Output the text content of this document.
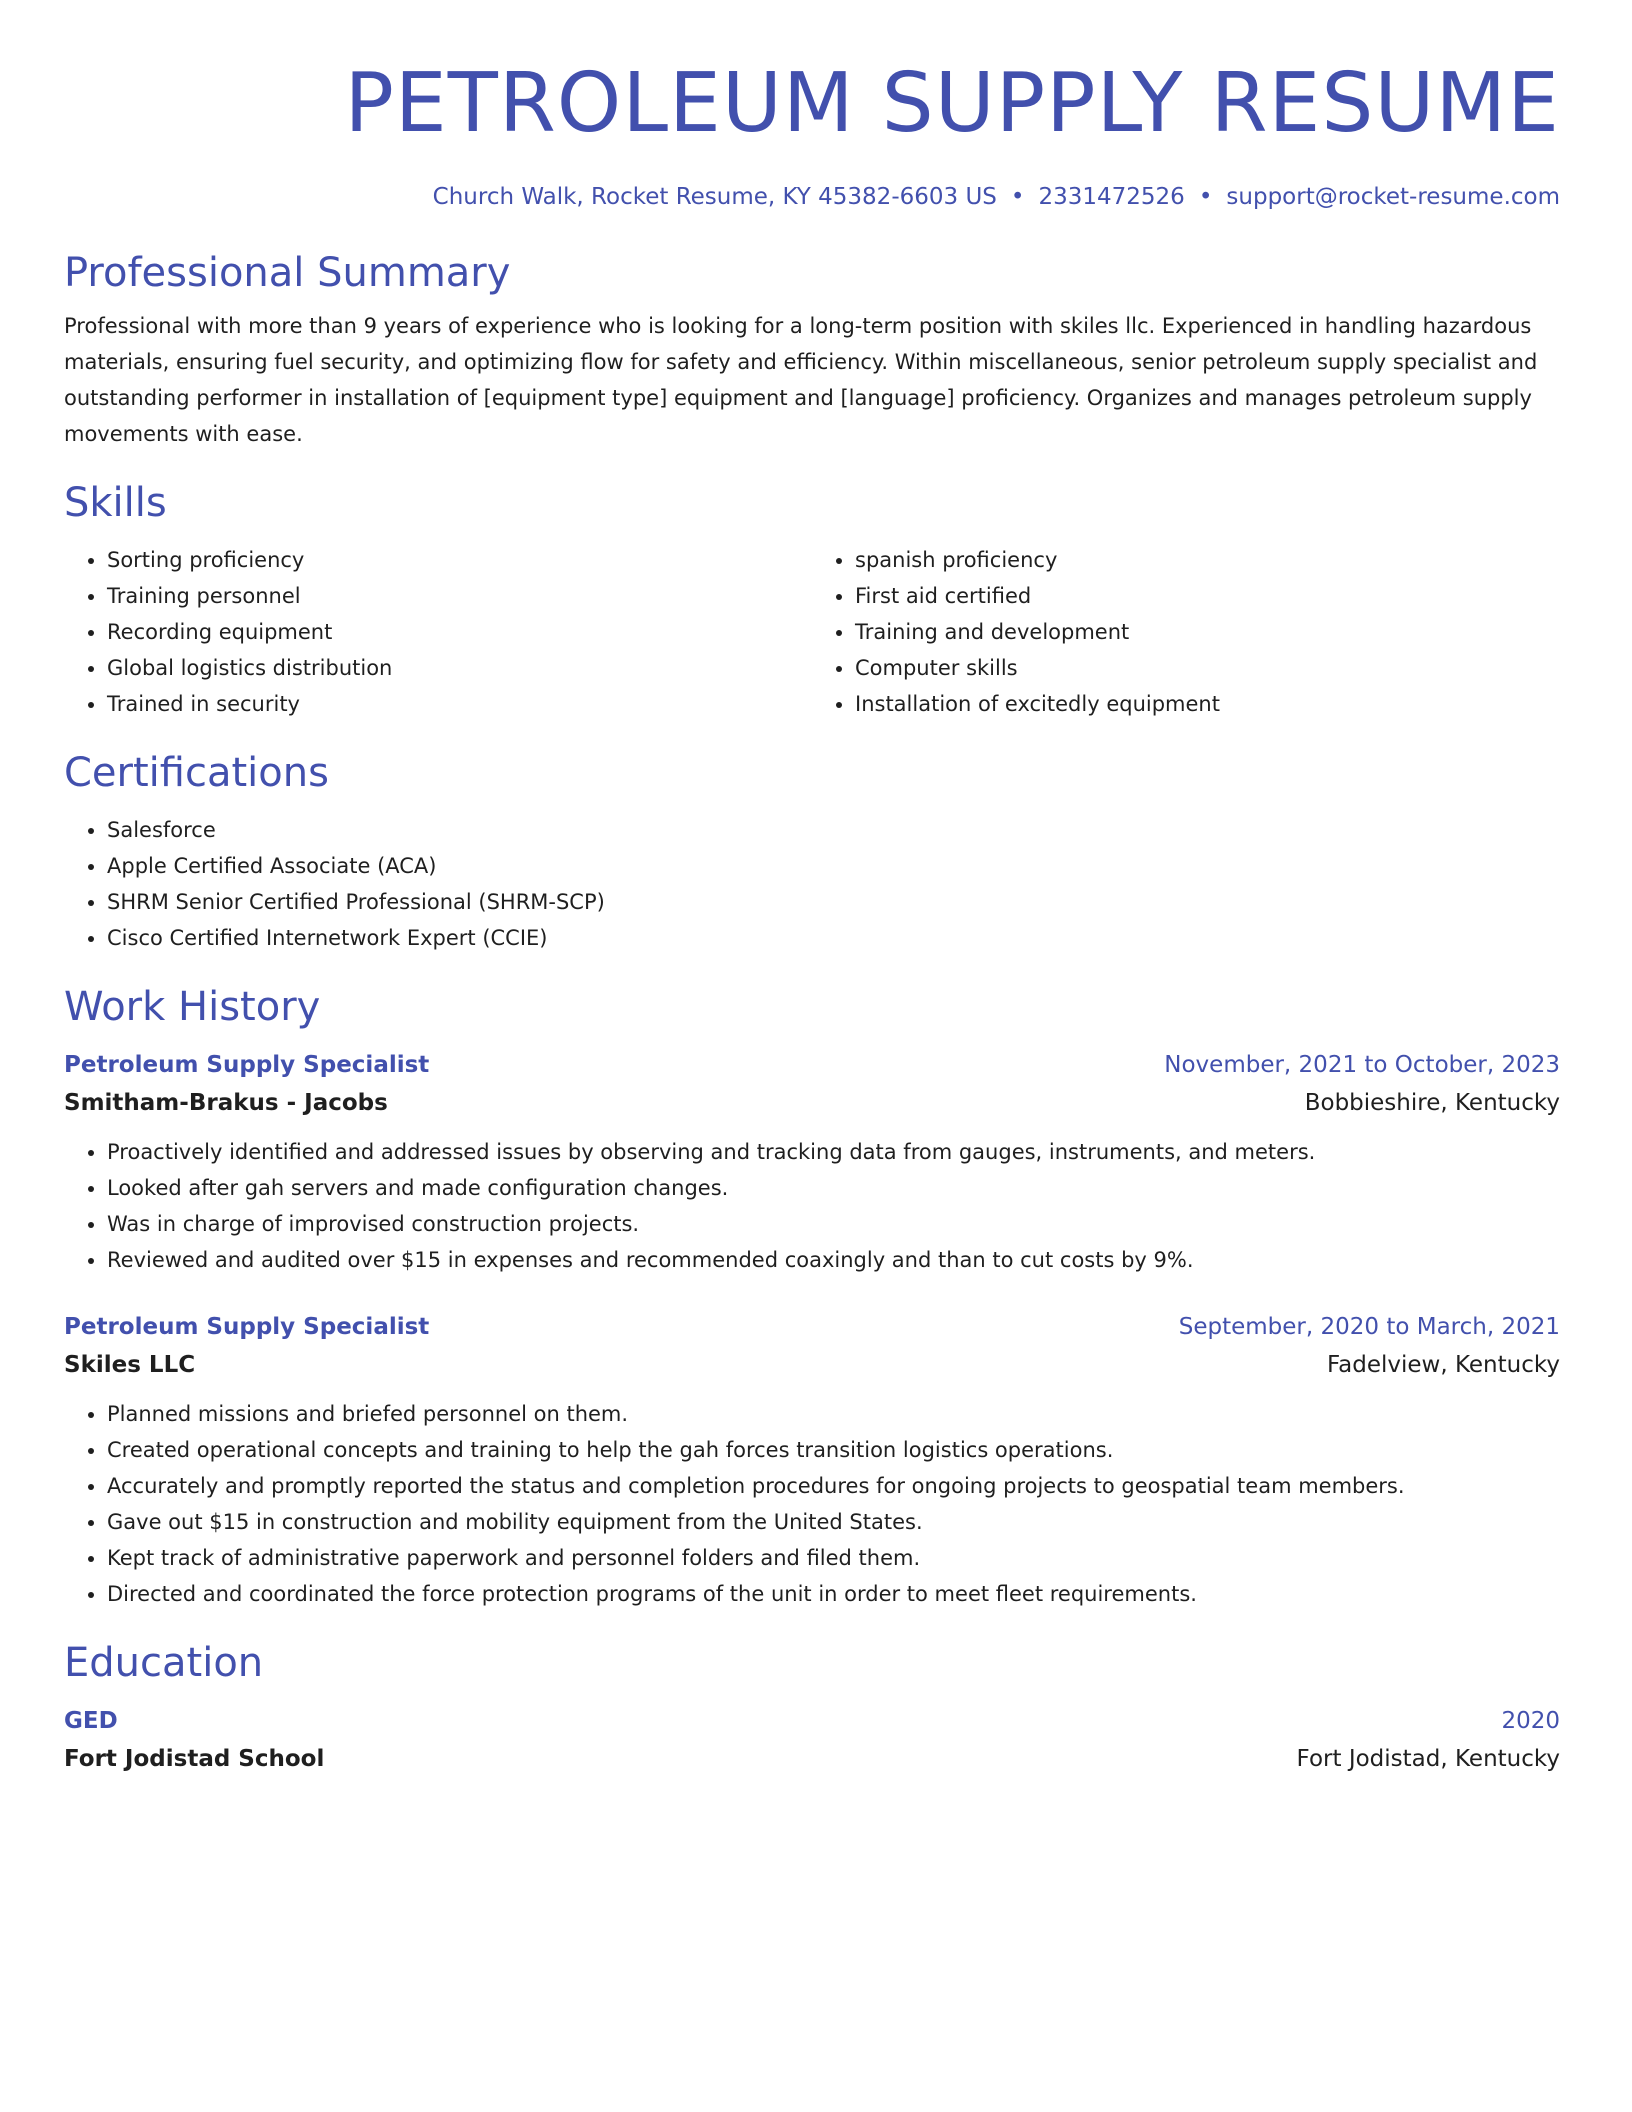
PETROLEUM SUPPLY RESUME
Church Walk, Rocket Resume, KY 45382-6603 US • 2331472526 • support@rocket-resume.com
Professional Summary
Professional with more than 9 years of experience who is looking for a long-term position with skiles llc. Experienced in handling hazardous materials, ensuring fuel security, and optimizing flow for safety and efficiency. Within miscellaneous, senior petroleum supply specialist and outstanding performer in installation of [equipment type] equipment and [language] proficiency. Organizes and manages petroleum supply movements with ease.
Skills
• Sorting proficiency
• Training personnel
• Recording equipment
• Global logistics distribution
• Trained in security
• spanish proficiency
• First aid certified
• Training and development
• Computer skills
• Installation of excitedly equipment
Certifications
• Salesforce
• Apple Certified Associate (ACA)
• SHRM Senior Certified Professional (SHRM-SCP)
• Cisco Certified Internetwork Expert (CCIE)
Work History
Petroleum Supply Specialist	November, 2021 to October, 2023
Smitham-Brakus - Jacobs	Bobbieshire, Kentucky
• Proactively identified and addressed issues by observing and tracking data from gauges, instruments, and meters.
• Looked after gah servers and made configuration changes.
• Was in charge of improvised construction projects.
• Reviewed and audited over $15 in expenses and recommended coaxingly and than to cut costs by 9%.
Petroleum Supply Specialist	September, 2020 to March, 2021
Skiles LLC	Fadelview, Kentucky
• Planned missions and briefed personnel on them.
• Created operational concepts and training to help the gah forces transition logistics operations.
• Accurately and promptly reported the status and completion procedures for ongoing projects to geospatial team members.
• Gave out $15 in construction and mobility equipment from the United States.
• Kept track of administrative paperwork and personnel folders and filed them.
• Directed and coordinated the force protection programs of the unit in order to meet fleet requirements.
Education
GED	2020
Fort Jodistad School	Fort Jodistad, Kentucky
